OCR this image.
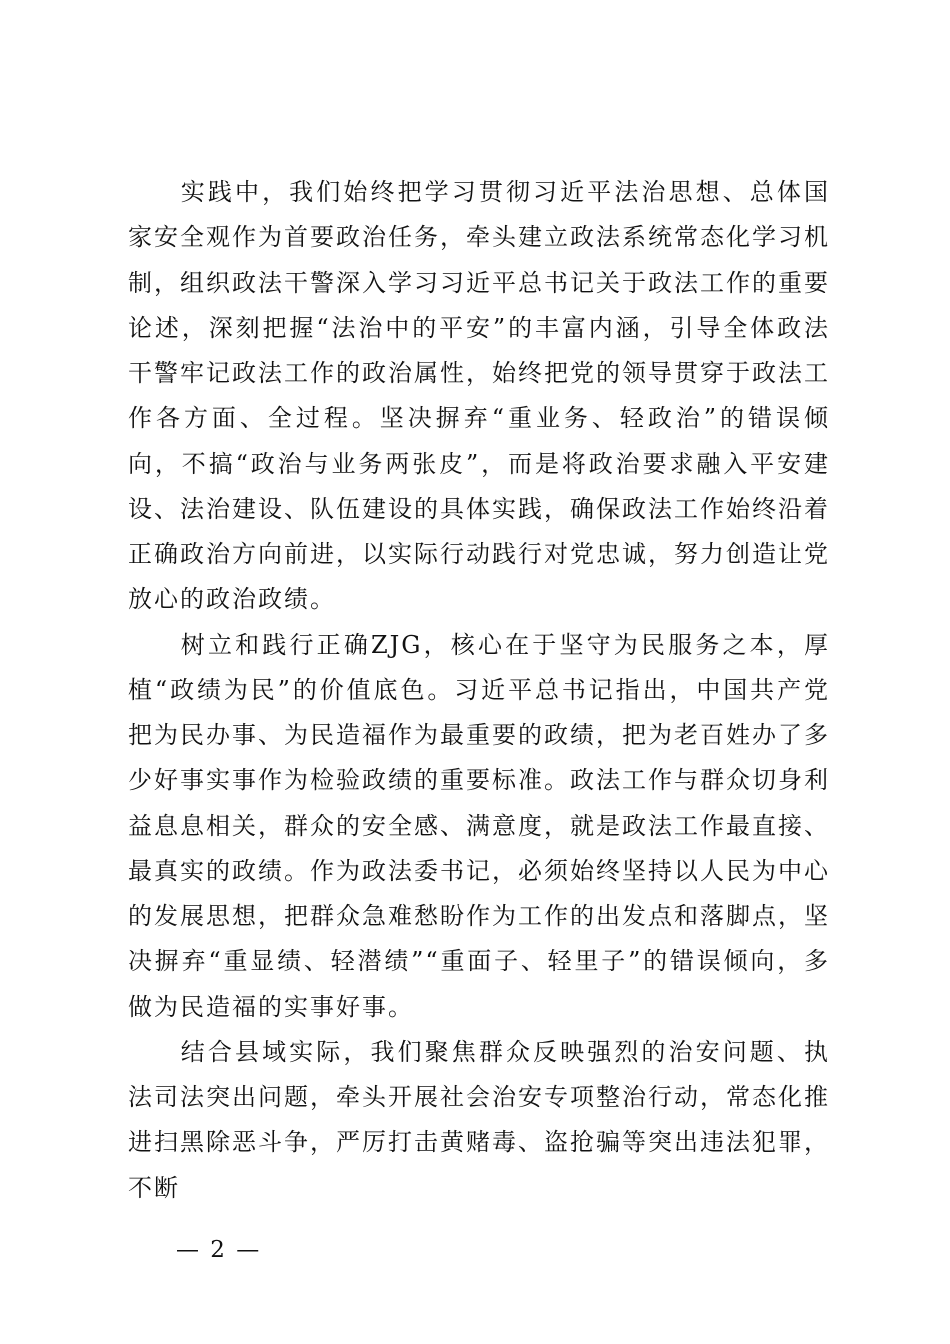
实践中，我们始终把学习贯彻习近平法治思想、总体国家安全观作为首要政治任务，牵头建立政法系统常态化学习机制，组织政法干警深入学习习近平总书记关于政法工作的重要论述，深刻把握“法治中的平安”的丰富内涵，引导全体政法干警牢记政法工作的政治属性，始终把党的领导贯穿于政法工作各方面、全过程。坚决摒弃“重业务、轻政治”的错误倾向，不搞“政治与业务两张皮”，而是将政治要求融入平安建设、法治建设、队伍建设的具体实践，确保政法工作始终沿着正确政治方向前进，以实际行动践行对党忠诚，努力创造让党放心的政治政绩。

树立和践行正确ZJG，核心在于坚守为民服务之本，厚植“政绩为民”的价值底色。习近平总书记指出，中国共产党把为民办事、为民造福作为最重要的政绩，把为老百姓办了多少好事实事作为检验政绩的重要标准。政法工作与群众切身利益息息相关，群众的安全感、满意度，就是政法工作最直接、最真实的政绩。作为政法委书记，必须始终坚持以人民为中心的发展思想，把群众急难愁盼作为工作的出发点和落脚点，坚决摒弃“重显绩、轻潜绩”“重面子、轻里子”的错误倾向，多做为民造福的实事好事。

结合县域实际，我们聚焦群众反映强烈的治安问题、执法司法突出问题，牵头开展社会治安专项整治行动，常态化推进扫黑除恶斗争，严厉打击黄赌毒、盗抢骗等突出违法犯罪，不断

— 2 —
